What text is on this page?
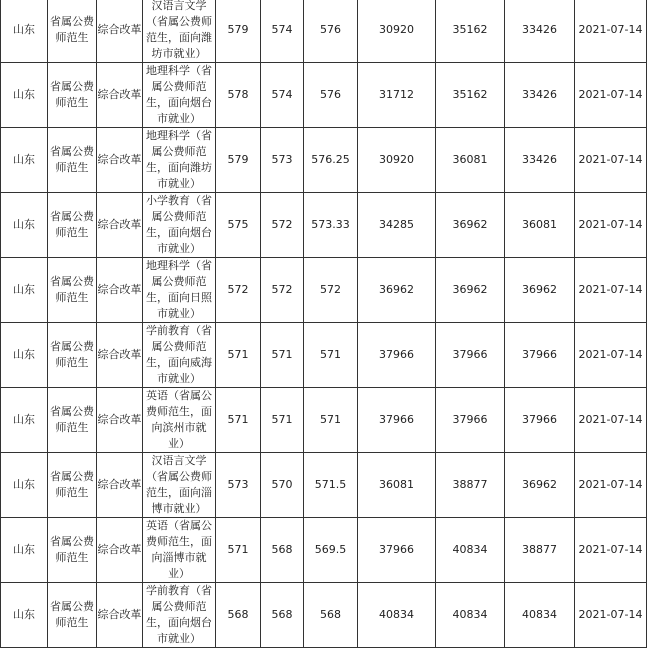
山东	省属公费师范生	综合改革	汉语言文学（省属公费师范生，面向潍坊市就业）	579	574	576	30920	35162	33426	2021-07-14
山东	省属公费师范生	综合改革	地理科学（省属公费师范生，面向烟台市就业）	578	574	576	31712	35162	33426	2021-07-14
山东	省属公费师范生	综合改革	地理科学（省属公费师范生，面向潍坊市就业）	579	573	576.25	30920	36081	33426	2021-07-14
山东	省属公费师范生	综合改革	小学教育（省属公费师范生，面向烟台市就业）	575	572	573.33	34285	36962	36081	2021-07-14
山东	省属公费师范生	综合改革	地理科学（省属公费师范生，面向日照市就业）	572	572	572	36962	36962	36962	2021-07-14
山东	省属公费师范生	综合改革	学前教育（省属公费师范生，面向威海市就业）	571	571	571	37966	37966	37966	2021-07-14
山东	省属公费师范生	综合改革	英语（省属公费师范生，面向滨州市就业）	571	571	571	37966	37966	37966	2021-07-14
山东	省属公费师范生	综合改革	汉语言文学（省属公费师范生，面向淄博市就业）	573	570	571.5	36081	38877	36962	2021-07-14
山东	省属公费师范生	综合改革	英语（省属公费师范生，面向淄博市就业）	571	568	569.5	37966	40834	38877	2021-07-14
山东	省属公费师范生	综合改革	学前教育（省属公费师范生，面向烟台市就业）	568	568	568	40834	40834	40834	2021-07-14
